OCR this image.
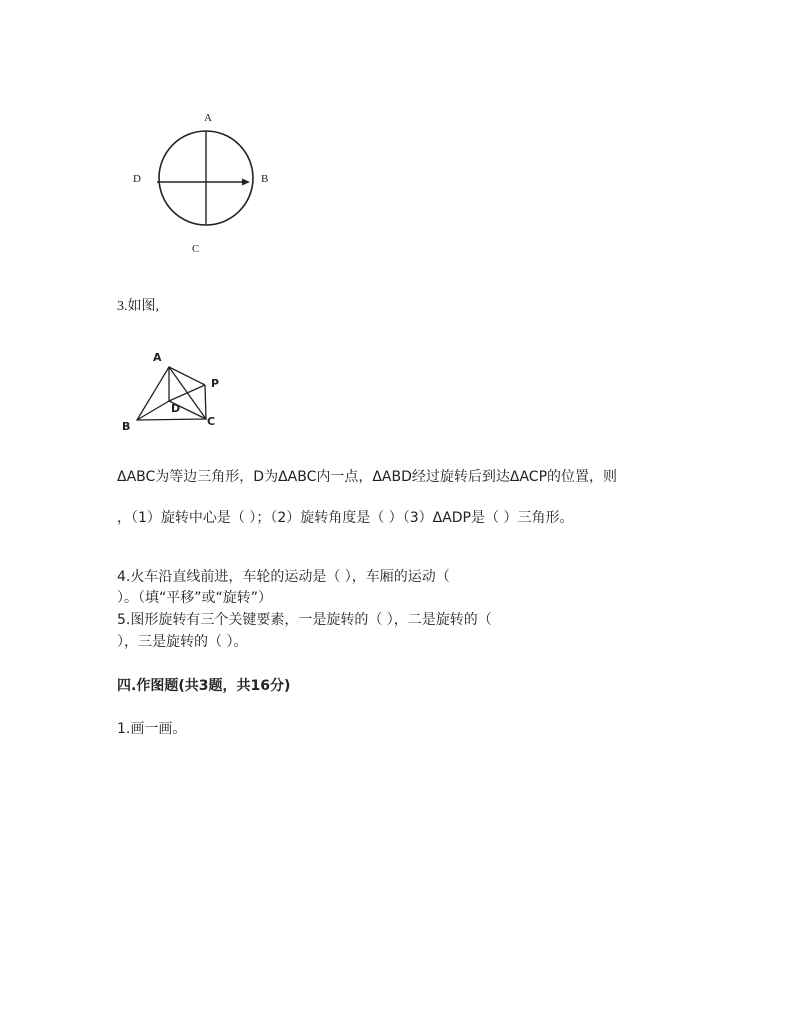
A
B
C
D
3.如图,
A
B	C
D
P
ΔABC为等边三角形，D为ΔABC内一点，ΔABD经过旋转后到达ΔACP的位置，则
，（1）旋转中心是（ ）；（2）旋转角度是（ ）（3）ΔADP是（ ）三角形。
4.火车沿直线前进，车轮的运动是（ ），车厢的运动（
）。（填“平移”或“旋转”）
5.图形旋转有三个关键要素，一是旋转的（ ），二是旋转的（
），三是旋转的（ ）。
四.作图题(共3题，共16分)
1.画一画。
